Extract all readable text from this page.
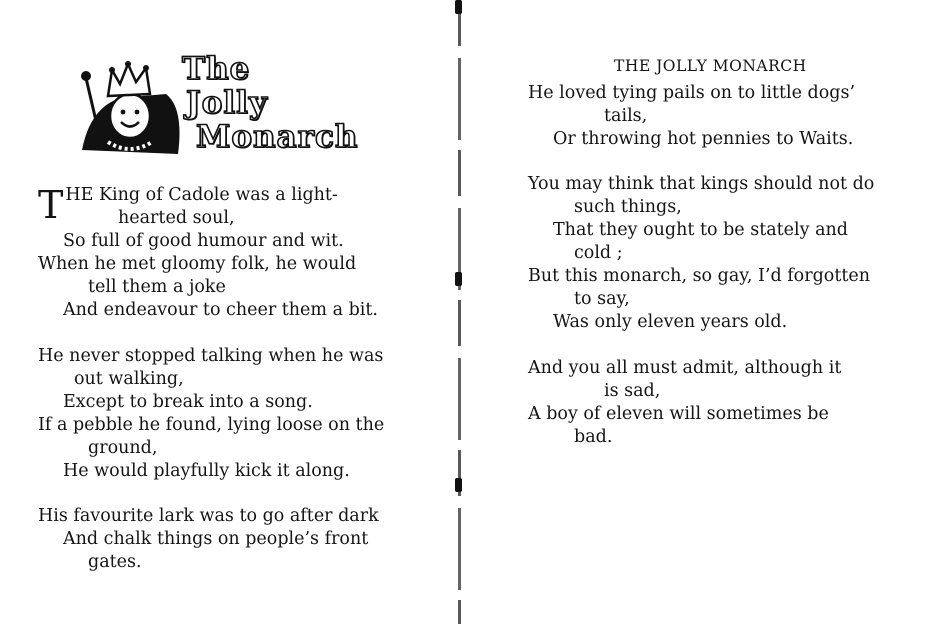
The
Jolly
Monarch
THE King of Cadole was a light-
hearted soul,
So full of good humour and wit.
When he met gloomy folk, he would
tell them a joke
And endeavour to cheer them a bit.
He never stopped talking when he was
out walking,
Except to break into a song.
If a pebble he found, lying loose on the
ground,
He would playfully kick it along.
His favourite lark was to go after dark
And chalk things on people’s front
gates.
THE JOLLY MONARCH
He loved tying pails on to little dogs’
tails,
Or throwing hot pennies to Waits.
You may think that kings should not do
such things,
That they ought to be stately and
cold ;
But this monarch, so gay, I’d forgotten
to say,
Was only eleven years old.
And you all must admit, although it
is sad,
A boy of eleven will sometimes be
bad.
